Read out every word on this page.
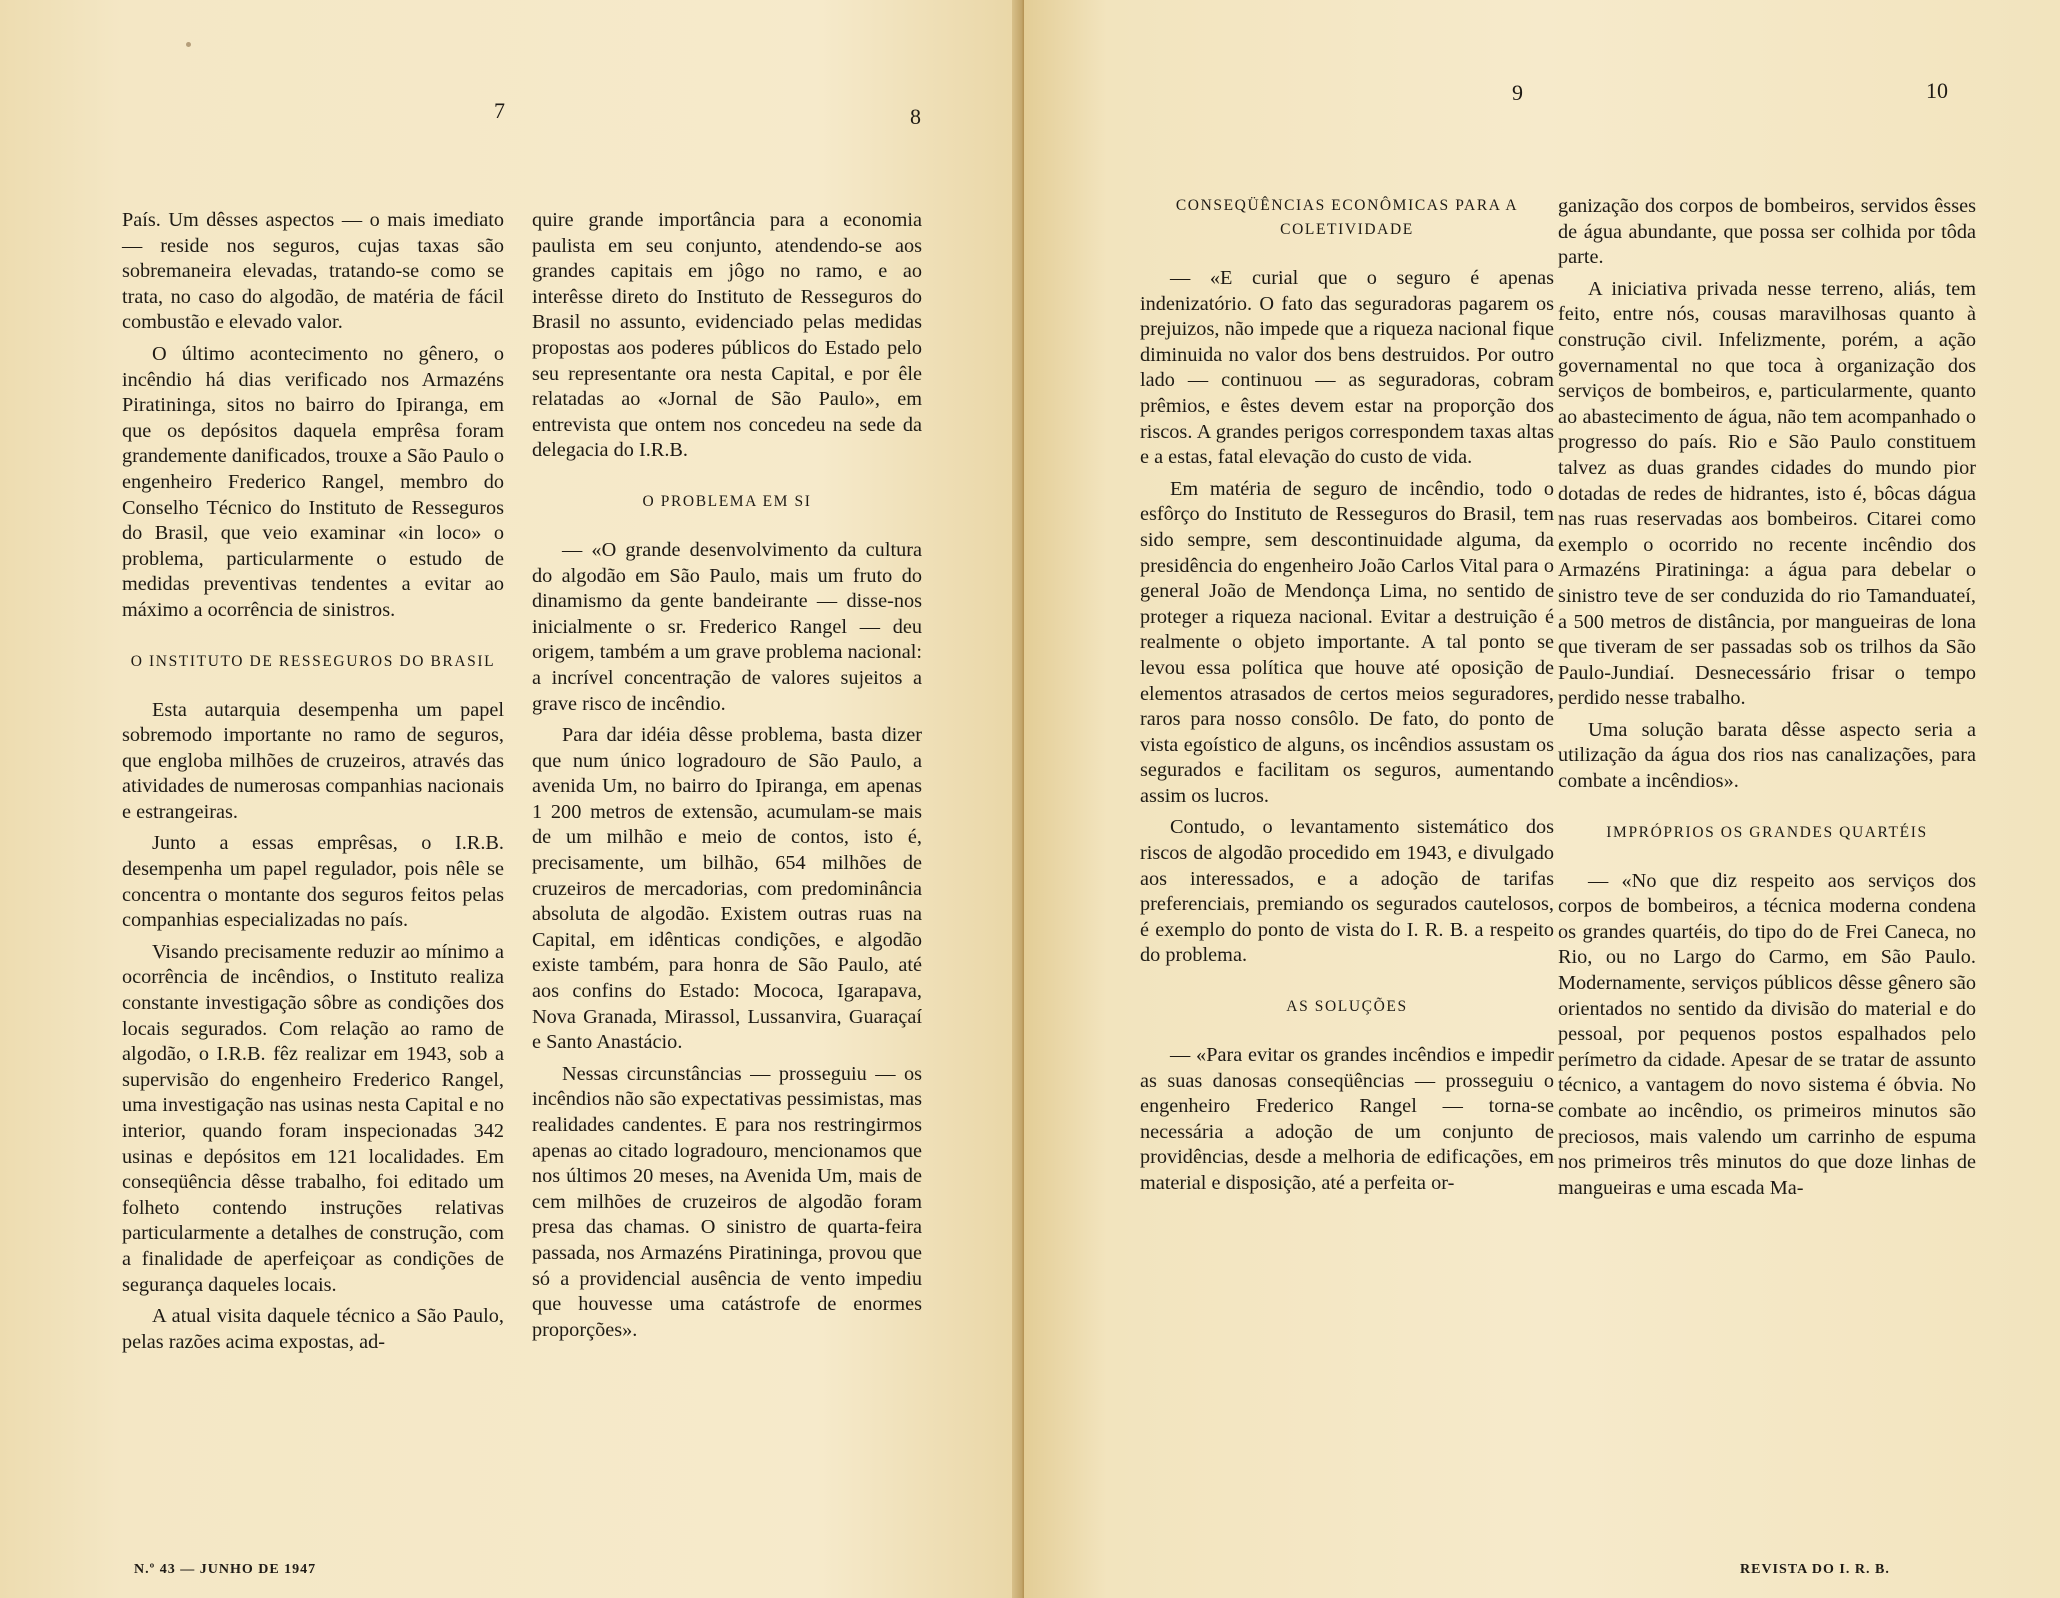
7	8

País. Um dêsses aspectos — o mais imediato — reside nos seguros, cujas taxas são sobremaneira elevadas, tratando-se como se trata, no caso do algodão, de matéria de fácil combustão e elevado valor.

O último acontecimento no gênero, o incêndio há dias verificado nos Armazéns Piratininga, sitos no bairro do Ipiranga, em que os depósitos daquela emprêsa foram grandemente danificados, trouxe a São Paulo o engenheiro Frederico Rangel, membro do Conselho Técnico do Instituto de Resseguros do Brasil, que veio examinar «in loco» o problema, particularmente o estudo de medidas preventivas tendentes a evitar ao máximo a ocorrência de sinistros.

O INSTITUTO DE RESSEGUROS DO BRASIL

Esta autarquia desempenha um papel sobremodo importante no ramo de seguros, que engloba milhões de cruzeiros, através das atividades de numerosas companhias nacionais e estrangeiras.

Junto a essas emprêsas, o I.R.B. desempenha um papel regulador, pois nêle se concentra o montante dos seguros feitos pelas companhias especializadas no país.

Visando precisamente reduzir ao mínimo a ocorrência de incêndios, o Instituto realiza constante investigação sôbre as condições dos locais segurados. Com relação ao ramo de algodão, o I.R.B. fêz realizar em 1943, sob a supervisão do engenheiro Frederico Rangel, uma investigação nas usinas nesta Capital e no interior, quando foram inspecionadas 342 usinas e depósitos em 121 localidades. Em conseqüência dêsse trabalho, foi editado um folheto contendo instruções relativas particularmente a detalhes de construção, com a finalidade de aperfeiçoar as condições de segurança daqueles locais.

A atual visita daquele técnico a São Paulo, pelas razões acima expostas, ad-

quire grande importância para a economia paulista em seu conjunto, atendendo-se aos grandes capitais em jôgo no ramo, e ao interêsse direto do Instituto de Resseguros do Brasil no assunto, evidenciado pelas medidas propostas aos poderes públicos do Estado pelo seu representante ora nesta Capital, e por êle relatadas ao «Jornal de São Paulo», em entrevista que ontem nos concedeu na sede da delegacia do I.R.B.

O PROBLEMA EM SI

— «O grande desenvolvimento da cultura do algodão em São Paulo, mais um fruto do dinamismo da gente bandeirante — disse-nos inicialmente o sr. Frederico Rangel — deu origem, também a um grave problema nacional: a incrível concentração de valores sujeitos a grave risco de incêndio.

Para dar idéia dêsse problema, basta dizer que num único logradouro de São Paulo, a avenida Um, no bairro do Ipiranga, em apenas 1 200 metros de extensão, acumulam-se mais de um milhão e meio de contos, isto é, precisamente, um bilhão, 654 milhões de cruzeiros de mercadorias, com predominância absoluta de algodão. Existem outras ruas na Capital, em idênticas condições, e algodão existe também, para honra de São Paulo, até aos confins do Estado: Mococa, Igarapava, Nova Granada, Mirassol, Lussanvira, Guaraçaí e Santo Anastácio.

Nessas circunstâncias — prosseguiu — os incêndios não são expectativas pessimistas, mas realidades candentes. E para nos restringirmos apenas ao citado logradouro, mencionamos que nos últimos 20 meses, na Avenida Um, mais de cem milhões de cruzeiros de algodão foram presa das chamas. O sinistro de quarta-feira passada, nos Armazéns Piratininga, provou que só a providencial ausência de vento impediu que houvesse uma catástrofe de enormes proporções».

N.º 43 — JUNHO DE 1947
9	10

CONSEQÜÊNCIAS ECONÔMICAS PARA A COLETIVIDADE

— «E curial que o seguro é apenas indenizatório. O fato das seguradoras pagarem os prejuizos, não impede que a riqueza nacional fique diminuida no valor dos bens destruidos. Por outro lado — continuou — as seguradoras, cobram prêmios, e êstes devem estar na proporção dos riscos. A grandes perigos correspondem taxas altas e a estas, fatal elevação do custo de vida.

Em matéria de seguro de incêndio, todo o esfôrço do Instituto de Resseguros do Brasil, tem sido sempre, sem descontinuidade alguma, da presidência do engenheiro João Carlos Vital para o general João de Mendonça Lima, no sentido de proteger a riqueza nacional. Evitar a destruição é realmente o objeto importante. A tal ponto se levou essa política que houve até oposição de elementos atrasados de certos meios seguradores, raros para nosso consôlo. De fato, do ponto de vista egoístico de alguns, os incêndios assustam os segurados e facilitam os seguros, aumentando assim os lucros.

Contudo, o levantamento sistemático dos riscos de algodão procedido em 1943, e divulgado aos interessados, e a adoção de tarifas preferenciais, premiando os segurados cautelosos, é exemplo do ponto de vista do I. R. B. a respeito do problema.

AS SOLUÇÕES

— «Para evitar os grandes incêndios e impedir as suas danosas conseqüências — prosseguiu o engenheiro Frederico Rangel — torna-se necessária a adoção de um conjunto de providências, desde a melhoria de edificações, em material e disposição, até a perfeita or-

ganização dos corpos de bombeiros, servidos êsses de água abundante, que possa ser colhida por tôda parte.

A iniciativa privada nesse terreno, aliás, tem feito, entre nós, cousas maravilhosas quanto à construção civil. Infelizmente, porém, a ação governamental no que toca à organização dos serviços de bombeiros, e, particularmente, quanto ao abastecimento de água, não tem acompanhado o progresso do país. Rio e São Paulo constituem talvez as duas grandes cidades do mundo pior dotadas de redes de hidrantes, isto é, bôcas dágua nas ruas reservadas aos bombeiros. Citarei como exemplo o ocorrido no recente incêndio dos Armazéns Piratininga: a água para debelar o sinistro teve de ser conduzida do rio Tamanduateí, a 500 metros de distância, por mangueiras de lona que tiveram de ser passadas sob os trilhos da São Paulo-Jundiaí. Desnecessário frisar o tempo perdido nesse trabalho.

Uma solução barata dêsse aspecto seria a utilização da água dos rios nas canalizações, para combate a incêndios».

IMPRÓPRIOS OS GRANDES QUARTÉIS

— «No que diz respeito aos serviços dos corpos de bombeiros, a técnica moderna condena os grandes quartéis, do tipo do de Frei Caneca, no Rio, ou no Largo do Carmo, em São Paulo. Modernamente, serviços públicos dêsse gênero são orientados no sentido da divisão do material e do pessoal, por pequenos postos espalhados pelo perímetro da cidade. Apesar de se tratar de assunto técnico, a vantagem do novo sistema é óbvia. No combate ao incêndio, os primeiros minutos são preciosos, mais valendo um carrinho de espuma nos primeiros três minutos do que doze linhas de mangueiras e uma escada Ma-

REVISTA DO I. R. B.
